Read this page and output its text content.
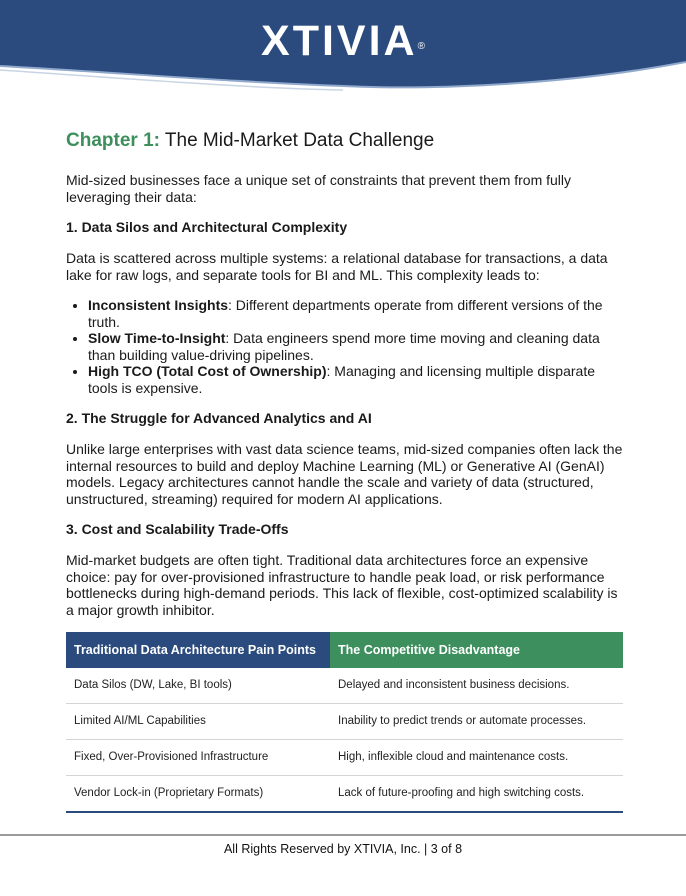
XTIVIA®
Chapter 1: The Mid-Market Data Challenge

Mid-sized businesses face a unique set of constraints that prevent them from fully leveraging their data:

1. Data Silos and Architectural Complexity

Data is scattered across multiple systems: a relational database for transactions, a data lake for raw logs, and separate tools for BI and ML. This complexity leads to:

• Inconsistent Insights: Different departments operate from different versions of the truth.
• Slow Time-to-Insight: Data engineers spend more time moving and cleaning data than building value-driving pipelines.
• High TCO (Total Cost of Ownership): Managing and licensing multiple disparate tools is expensive.
2. The Struggle for Advanced Analytics and AI

Unlike large enterprises with vast data science teams, mid-sized companies often lack the internal resources to build and deploy Machine Learning (ML) or Generative AI (GenAI) models. Legacy architectures cannot handle the scale and variety of data (structured, unstructured, streaming) required for modern AI applications.

3. Cost and Scalability Trade-Offs

Mid-market budgets are often tight. Traditional data architectures force an expensive choice: pay for over-provisioned infrastructure to handle peak load, or risk performance bottlenecks during high-demand periods. This lack of flexible, cost-optimized scalability is a major growth inhibitor.

Traditional Data Architecture Pain Points	The Competitive Disadvantage
Data Silos (DW, Lake, BI tools)	Delayed and inconsistent business decisions.
Limited AI/ML Capabilities	Inability to predict trends or automate processes.
Fixed, Over-Provisioned Infrastructure	High, inflexible cloud and maintenance costs.
Vendor Lock-in (Proprietary Formats)	Lack of future-proofing and high switching costs.
All Rights Reserved by XTIVIA, Inc. | 3 of 8
